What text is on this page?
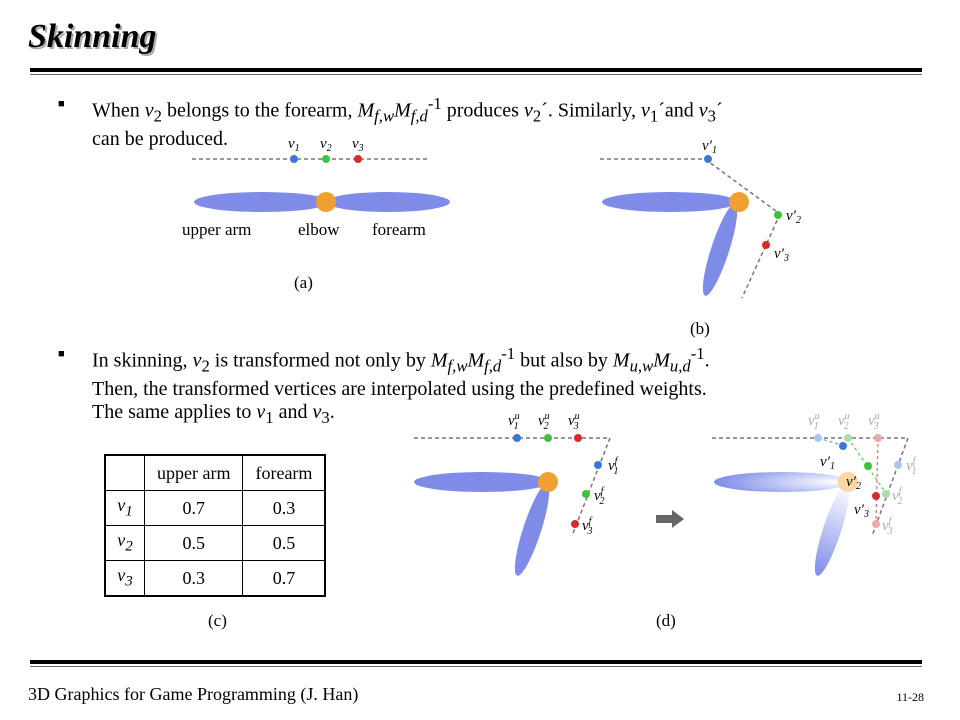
Skinning
■ When $v_2$ belongs to the forearm, $M_{f,w}M_{f,d}^{-1}$ produces $v_2´$. Similarly, $v_1´and$ $v_3´$
can be produced.
■ In skinning, $v_2$ is transformed not only by $M_{f,w}M_{f,d}^{-1}$ but also by $M_{u,w}M_{u,d}^{-1}$.
Then, the transformed vertices are interpolated using the predefined weights.
The same applies to $v_1$ and $v_3$.
$v_1$ $v_2$ $v_3$
upper arm	elbow forearm
(a)
$v'_1$
$v'_2$
$v'_3$
(b)
$v^u$ 1 $v^u$ 2 $v^u$ 3
$v^f$ 1
$v^f$ 2
$v^f$ 3
$v^u$ 1 $v^u$ 2 $v^u$ 3
$v^f$ 1
$v^f$ 2
$v^f$ 3
$v'_1$
$v'_2$
$v'_3$
(c)	(d)
	upper arm	forearm
$v_1$	0.7	0.3
$v_2$	0.5	0.5
$v_3$	0.3	0.7
3D Graphics for Game Programming (J. Han)	11-28
